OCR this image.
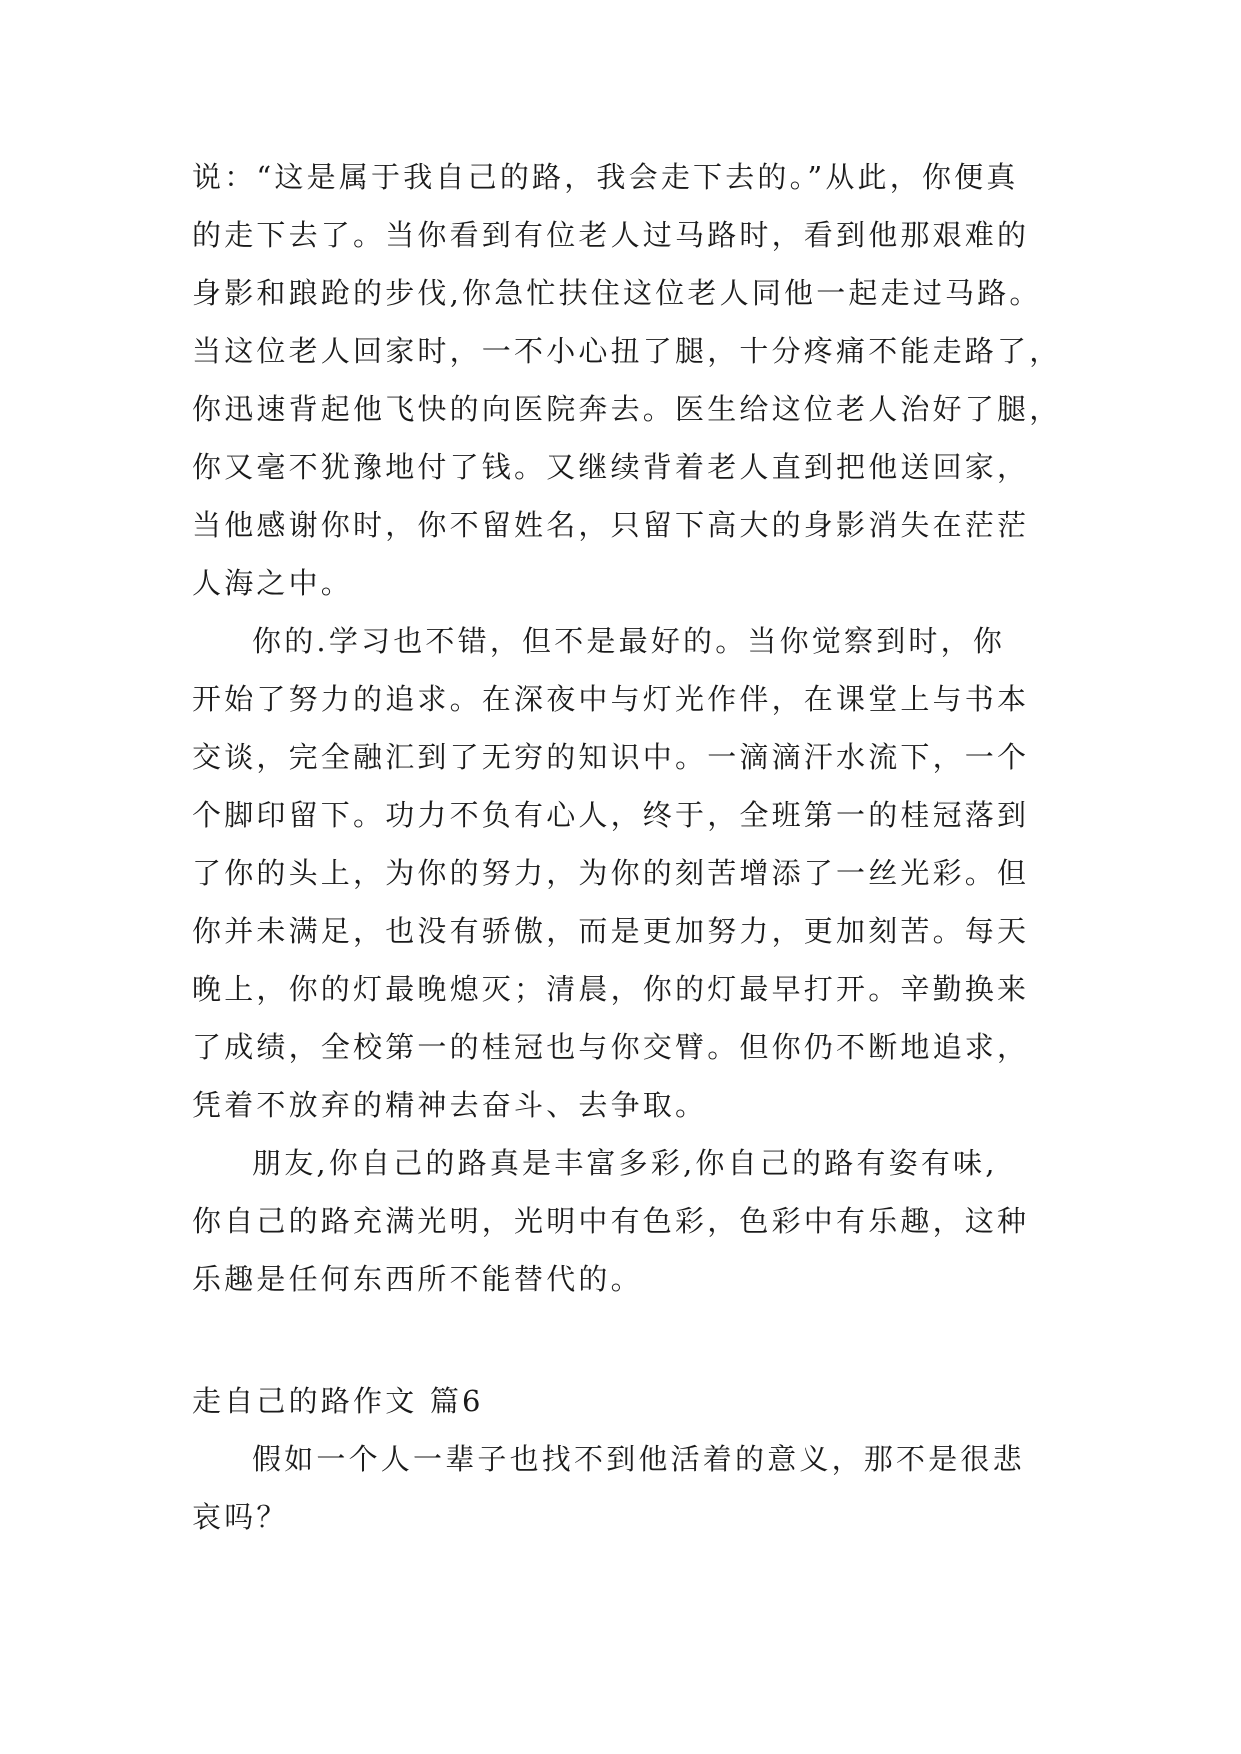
说：“这是属于我自己的路，我会走下去的。”从此，你便真

的走下去了。当你看到有位老人过马路时，看到他那艰难的

身影和踉跄的步伐,你急忙扶住这位老人同他一起走过马路。

当这位老人回家时，一不小心扭了腿，十分疼痛不能走路了，

你迅速背起他飞快的向医院奔去。医生给这位老人治好了腿，

你又毫不犹豫地付了钱。又继续背着老人直到把他送回家，

当他感谢你时，你不留姓名，只留下高大的身影消失在茫茫

人海之中。

你的.学习也不错，但不是最好的。当你觉察到时，你

开始了努力的追求。在深夜中与灯光作伴，在课堂上与书本

交谈，完全融汇到了无穷的知识中。一滴滴汗水流下，一个

个脚印留下。功力不负有心人，终于，全班第一的桂冠落到

了你的头上，为你的努力，为你的刻苦增添了一丝光彩。但

你并未满足，也没有骄傲，而是更加努力，更加刻苦。每天

晚上，你的灯最晚熄灭；清晨，你的灯最早打开。辛勤换来

了成绩，全校第一的桂冠也与你交臂。但你仍不断地追求，

凭着不放弃的精神去奋斗、去争取。

朋友,你自己的路真是丰富多彩,你自己的路有姿有味,

你自己的路充满光明，光明中有色彩，色彩中有乐趣，这种

乐趣是任何东西所不能替代的。

走自己的路作文 篇6

假如一个人一辈子也找不到他活着的意义，那不是很悲

哀吗？
